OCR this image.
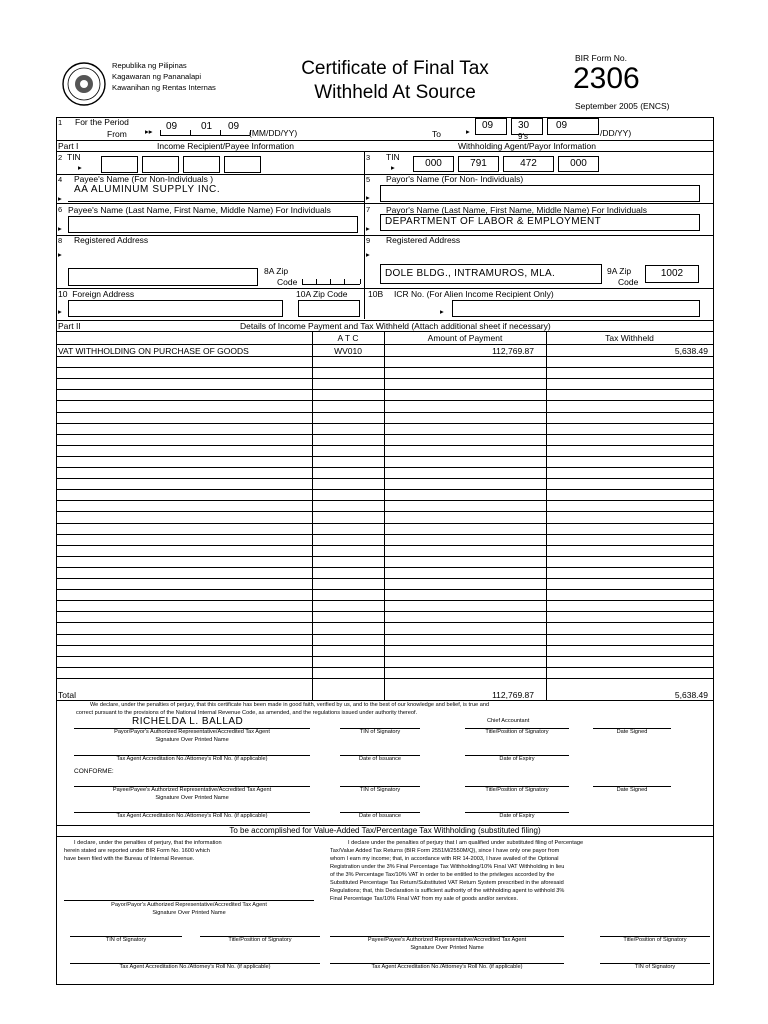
Republika ng Pilipinas
Kagawaran ng Pananalapi
Kawanihan ng Rentas Internas
Certificate of Final Tax
Withheld At Source
BIR Form No.
2306
September 2005 (ENCS)
1 For the Period
From ▸▸ 09 01 09
(MM/DD/YY)	To	▸
09 30
9's
09
/DD/YY)
Part I	Income Recipient/Payee Information	Withholding Agent/Payor Information
2 TIN
▸
3 TIN
▸	000	791	472	000
4 Payee's Name (For Non-Individuals )
AA ALUMINUM SUPPLY INC.
▸
5 Payor's Name (For Non- Individuals)
▸
6 Payee's Name (Last Name, First Name, Middle Name) For Individuals
▸
7 Payor's Name (Last Name, First Name, Middle Name) For Individuals
▸
DEPARTMENT OF LABOR & EMPLOYMENT
8 Registered Address
▸
8A Zip
Code
9 Registered Address
▸
DOLE BLDG., INTRAMUROS, MLA.	9A Zip
Code
1002
10 Foreign Address
▸
10A Zip Code 10B ICR No. (For Alien Income Recipient Only)
▸
Part II	Details of Income Payment and Tax Withheld (Attach additional sheet if necessary)
A T C	Amount of Payment	Tax Withheld
VAT WITHHOLDING ON PURCHASE OF GOODS	WV010	112,769.87	5,638.49
Total	112,769.87	5,638.49
We declare, under the penalties of perjury, that this certificate has been made in good faith, verified by us, and to the best of our knowledge and belief, is true and
correct pursuant to the provisions of the National Internal Revenue Code, as amended, and the regulations issued under authority thereof.
RICHELDA L. BALLAD	Chief Accountant
Payor/Payor's Authorized Representative/Accredited Tax Agent
Signature Over Printed Name
TIN of Signatory	Title/Position of Signatory	Date Signed
Tax Agent Accreditation No./Attorney's Roll No. (if applicable)	Date of Issuance	Date of Expiry
CONFORME:
Payee/Payee's Authorized Representative/Accredited Tax Agent
Signature Over Printed Name
TIN of Signatory	Title/Position of Signatory	Date Signed
Tax Agent Accreditation No./Attorney's Roll No. (if applicable)	Date of Issuance	Date of Expiry
To be accomplished for Value-Added Tax/Percentage Tax Withholding (substituted filing)
I declare, under the penalties of perjury, that the information
herein stated are reported under BIR Form No. 1600 which
have been filed with the Bureau of Internal Revenue.
I declare under the penalties of perjury that I am qualified under substituted filing of Percentage
Tax/Value Added Tax Returns (BIR Form 2551M/2550M/Q), since I have only one payor from
whom I earn my income; that, in accordance with RR 14-2003, I have availed of the Optional
Registration under the 3% Final Percentage Tax Withholding/10% Final VAT Withholding in lieu
of the 3% Percentage Tax/10% VAT in order to be entitled to the privileges accorded by the
Substituted Percentage Tax Return/Substituted VAT Return System prescribed in the aforesaid
Regulations; that, this Declaration is sufficient authority of the withholding agent to withhold 3%
Final Percentage Tax/10% Final VAT from my sale of goods and/or services.
Payor/Payor's Authorized Representative/Accredited Tax Agent
Signature Over Printed Name
TIN of Signatory	Title/Position of Signatory	Payee/Payee's Authorized Representative/Accredited Tax Agent
Signature Over Printed Name
Title/Position of Signatory
Tax Agent Accreditation No./Attorney's Roll No. (if applicable)	Tax Agent Accreditation No./Attorney's Roll No. (if applicable)	TIN of Signatory
